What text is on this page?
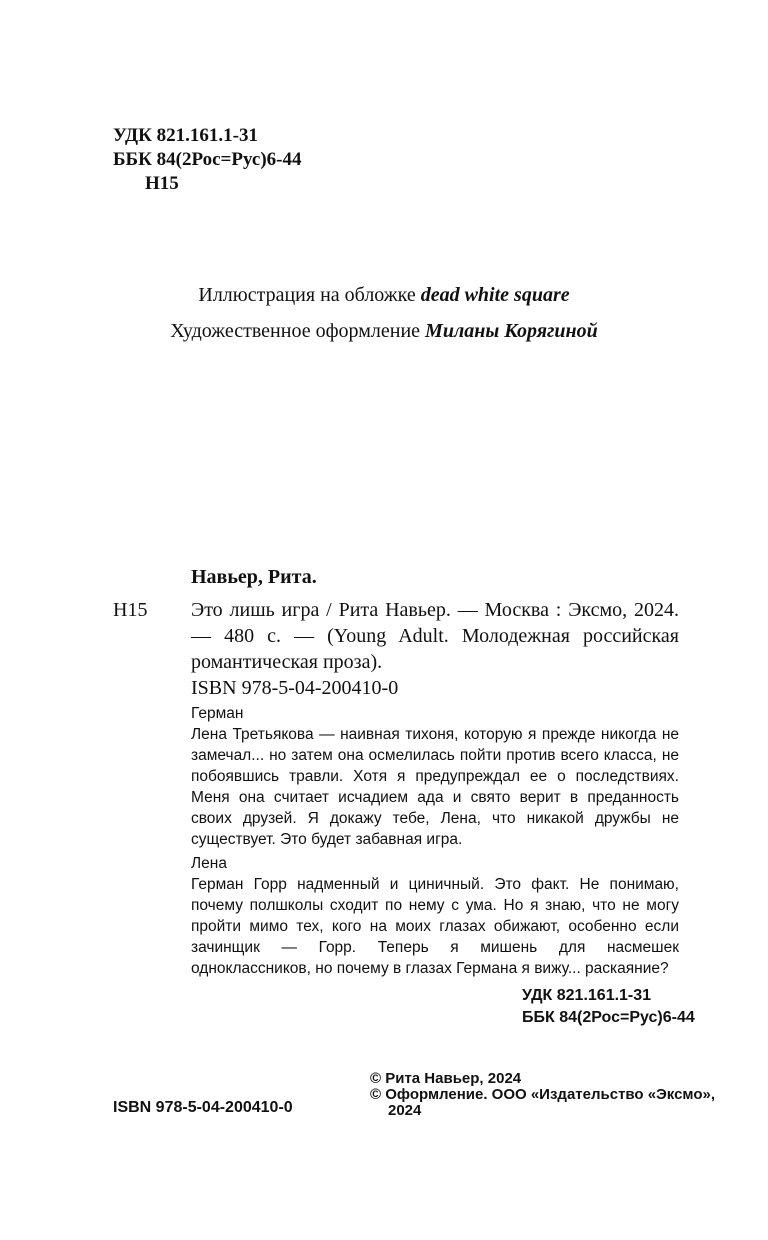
УДК 821.161.1-31
ББК 84(2Рос=Рус)6-44
Н15
Иллюстрация на обложке dead white square
Художественное оформление Миланы Корягиной
Навьер, Рита.
Н15 Это лишь игра / Рита Навьер. — Москва : Эксмо, 2024. — 480 с. — (Young Adult. Молодежная российская романтическая проза).
ISBN 978-5-04-200410-0
Герман
Лена Третьякова — наивная тихоня, которую я прежде никогда не замечал... но затем она осмелилась пойти против всего класса, не побоявшись травли. Хотя я предупреждал ее о последствиях. Меня она считает исчадием ада и свято верит в преданность своих друзей. Я докажу тебе, Лена, что никакой дружбы не существует. Это будет забавная игра.
Лена
Герман Горр надменный и циничный. Это факт. Не понимаю, почему полшколы сходит по нему с ума. Но я знаю, что не могу пройти мимо тех, кого на моих глазах обижают, особенно если зачинщик — Горр. Теперь я мишень для насмешек одноклассников, но почему в глазах Германа я вижу... раскаяние?
УДК 821.161.1-31
ББК 84(2Рос=Рус)6-44
© Рита Навьер, 2024
© Оформление. ООО «Издательство «Эксмо»,
2024
ISBN 978-5-04-200410-0
